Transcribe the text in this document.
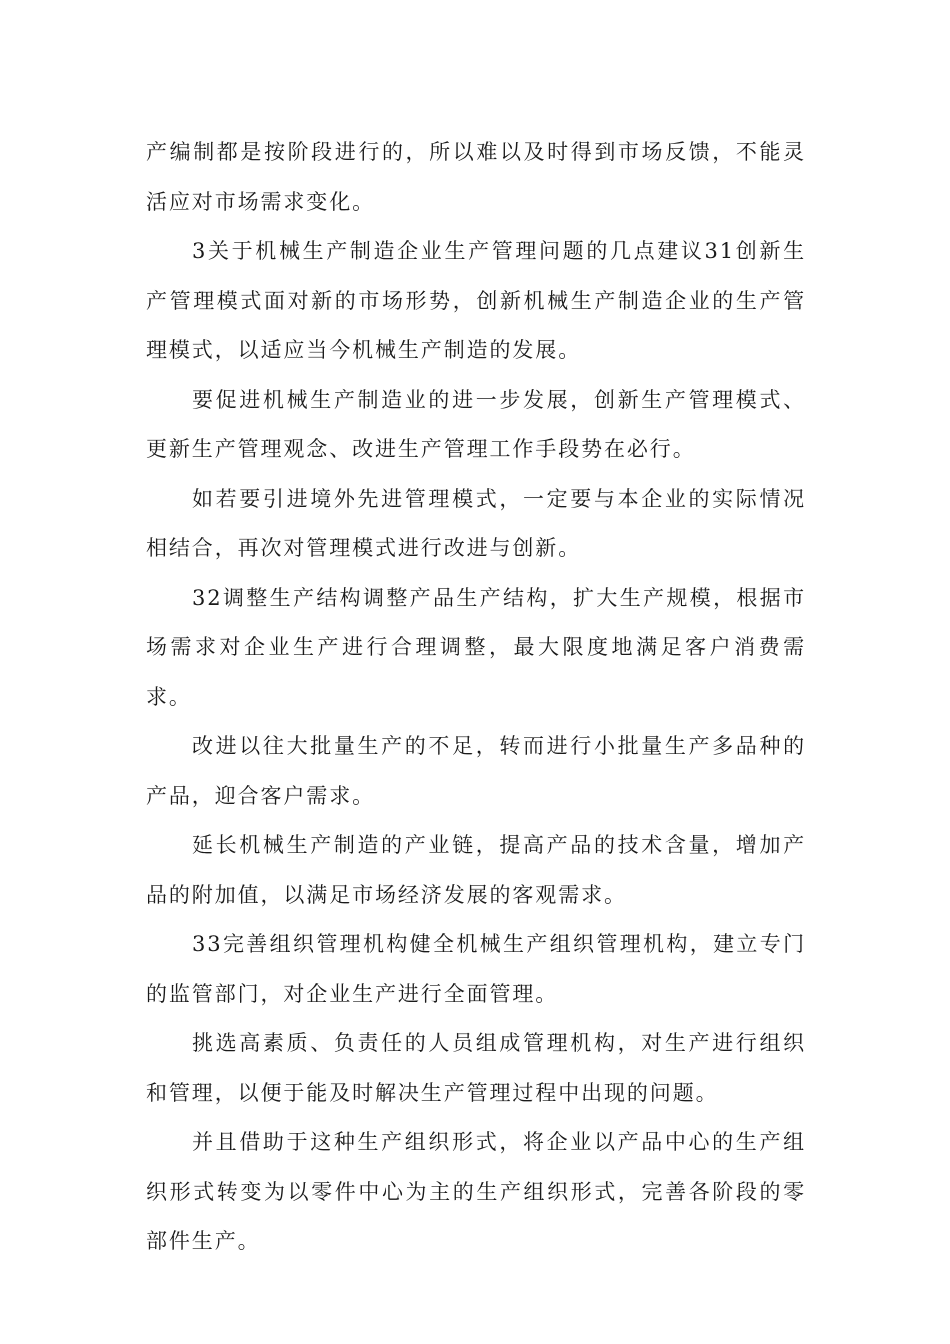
产编制都是按阶段进行的，所以难以及时得到市场反馈，不能灵活应对市场需求变化。

3关于机械生产制造企业生产管理问题的几点建议31创新生产管理模式面对新的市场形势，创新机械生产制造企业的生产管理模式，以适应当今机械生产制造的发展。

要促进机械生产制造业的进一步发展，创新生产管理模式、更新生产管理观念、改进生产管理工作手段势在必行。

如若要引进境外先进管理模式，一定要与本企业的实际情况相结合，再次对管理模式进行改进与创新。

32调整生产结构调整产品生产结构，扩大生产规模，根据市场需求对企业生产进行合理调整，最大限度地满足客户消费需求。

改进以往大批量生产的不足，转而进行小批量生产多品种的产品，迎合客户需求。

延长机械生产制造的产业链，提高产品的技术含量，增加产品的附加值，以满足市场经济发展的客观需求。

33完善组织管理机构健全机械生产组织管理机构，建立专门的监管部门，对企业生产进行全面管理。

挑选高素质、负责任的人员组成管理机构，对生产进行组织和管理，以便于能及时解决生产管理过程中出现的问题。

并且借助于这种生产组织形式，将企业以产品中心的生产组织形式转变为以零件中心为主的生产组织形式，完善各阶段的零部件生产。
